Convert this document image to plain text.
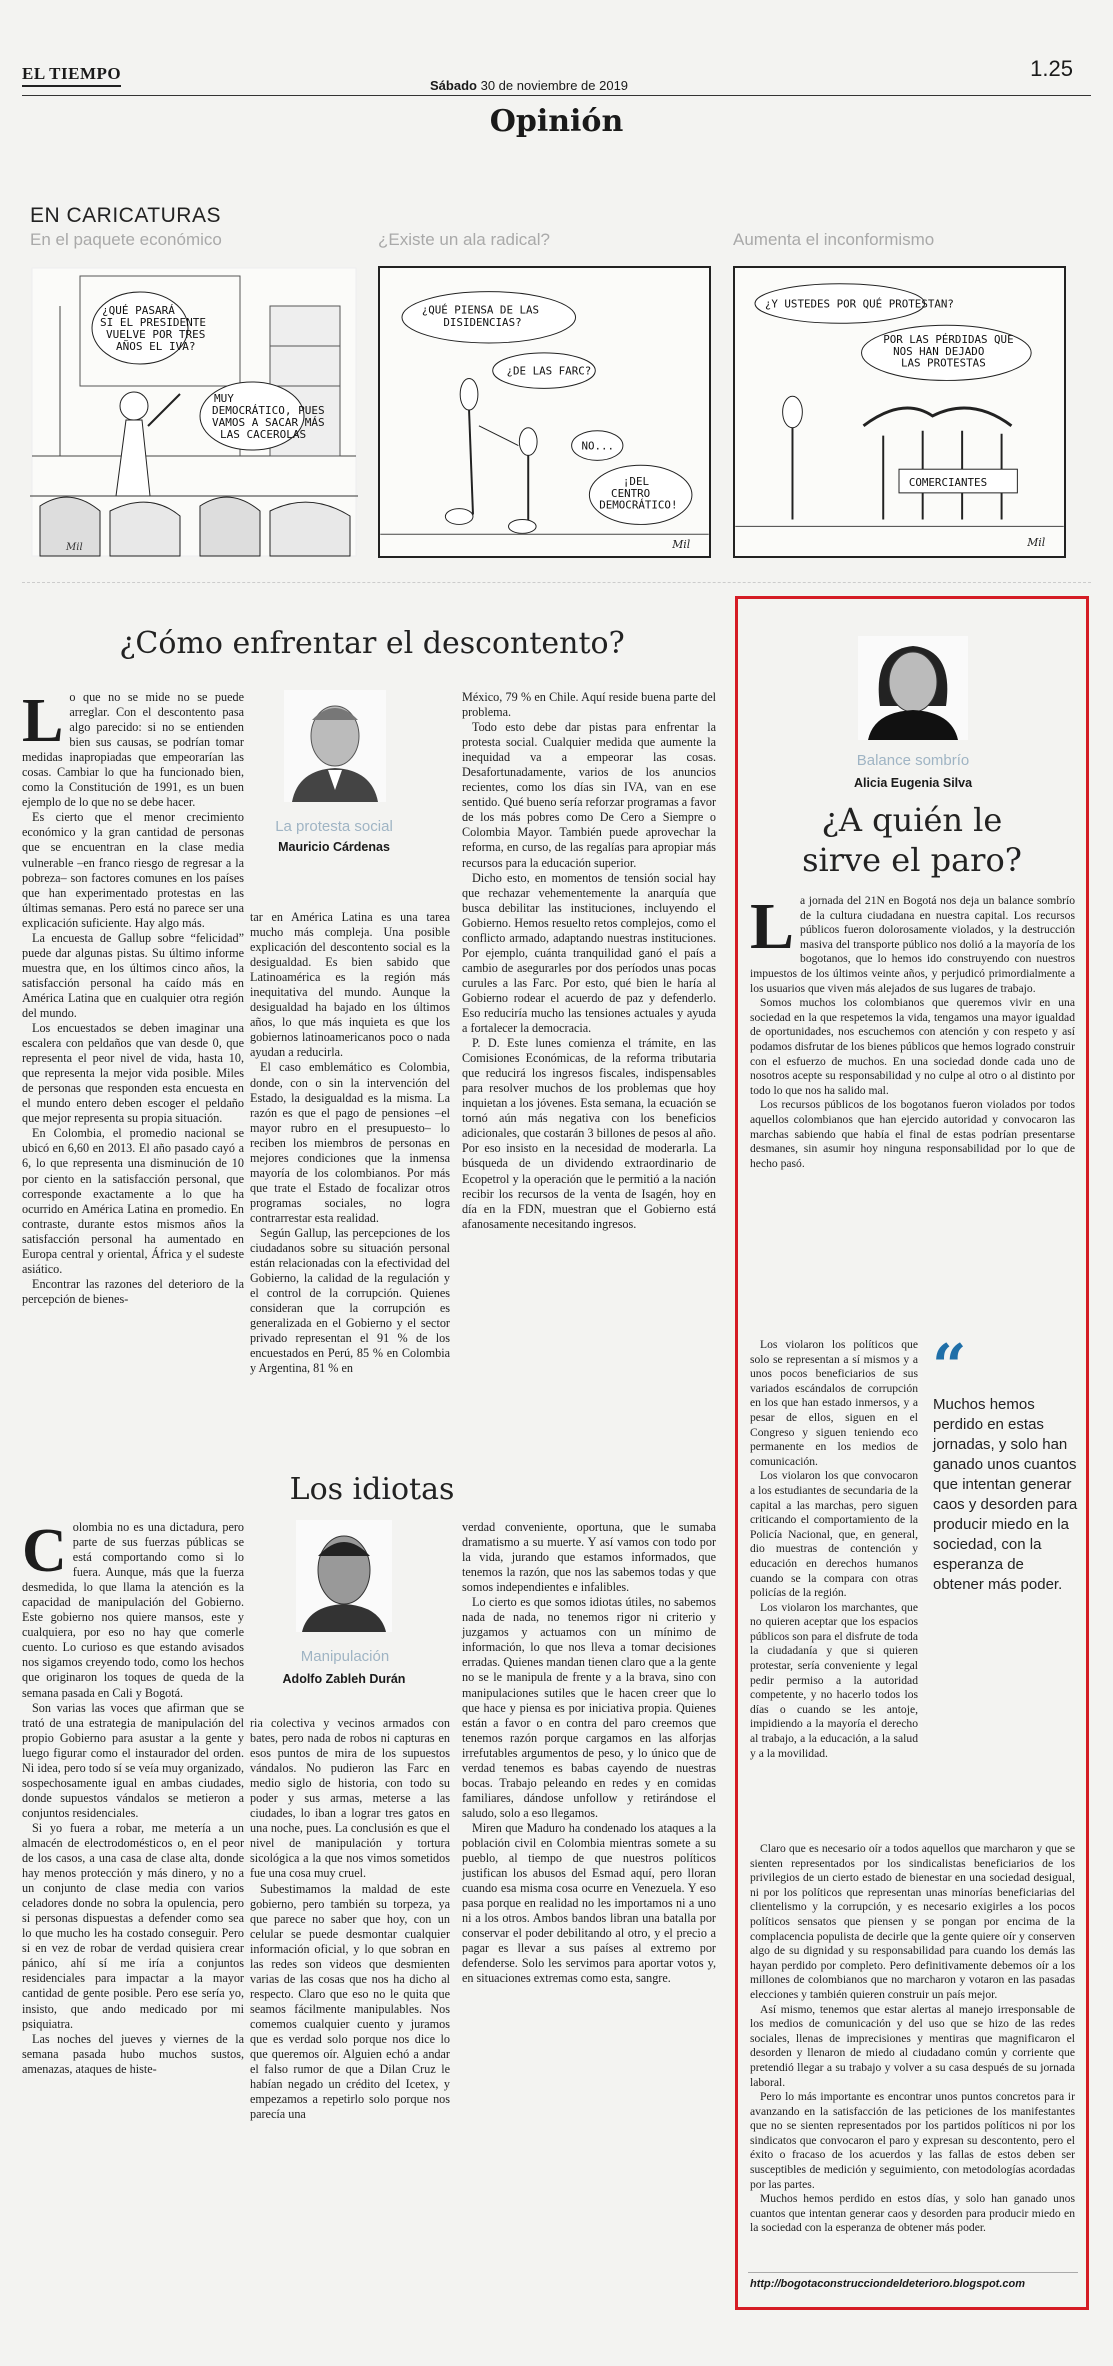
EL TIEMPO
Sábado 30 de noviembre de 2019
1.25
Opinión
EN CARICATURAS
En el paquete económico	¿Existe un ala radical?	Aumenta el inconformismo
¿QUÉ PASARÁ SI EL PRESIDENTE VUELVE POR TRES AÑOS EL IVA?
MUY DEMOCRÁTICO, PUES VAMOS A SACAR MÁS LAS CACEROLAS
Mil
¿QUÉ PIENSA DE LAS DISIDENCIAS?
¿DE LAS FARC?
NO...
¡DEL CENTRO DEMOCRÁTICO!
Mil
¿Y USTEDES POR QUÉ PROTESTAN?
POR LAS PÉRDIDAS QUE NOS HAN DEJADO LAS PROTESTAS
COMERCIANTES
Mil
¿Cómo enfrentar el descontento?
La protesta social
Mauricio Cárdenas
L o que no se mide no se puede arreglar. Con el descontento pasa algo parecido: si no se entienden bien sus causas, se podrían tomar medidas inapropiadas que empeorarían las cosas. Cambiar lo que ha funcionado bien, como la Constitución de 1991, es un buen ejemplo de lo que no se debe hacer.

Es cierto que el menor crecimiento económico y la gran cantidad de personas que se encuentran en la clase media vulnerable –en franco riesgo de regresar a la pobreza– son factores comunes en los países que han experimentado protestas en las últimas semanas. Pero está no parece ser una explicación suficiente. Hay algo más.

La encuesta de Gallup sobre “felicidad” puede dar algunas pistas. Su último informe muestra que, en los últimos cinco años, la satisfacción personal ha caído más en América Latina que en cualquier otra región del mundo.

Los encuestados se deben imaginar una escalera con peldaños que van desde 0, que representa el peor nivel de vida, hasta 10, que representa la mejor vida posible. Miles de personas que responden esta encuesta en el mundo entero deben escoger el peldaño que mejor representa su propia situación.

En Colombia, el promedio nacional se ubicó en 6,60 en 2013. El año pasado cayó a 6, lo que representa una disminución de 10 por ciento en la satisfacción personal, que corresponde exactamente a lo que ha ocurrido en América Latina en promedio. En contraste, durante estos mismos años la satisfacción personal ha aumentado en Europa central y oriental, África y el sudeste asiático.

Encontrar las razones del deterioro de la percepción de bienes-

tar en América Latina es una tarea mucho más compleja. Una posible explicación del descontento social es la desigualdad. Es bien sabido que Latinoamérica es la región más inequitativa del mundo. Aunque la desigualdad ha bajado en los últimos años, lo que más inquieta es que los gobiernos latinoamericanos poco o nada ayudan a reducirla.

El caso emblemático es Colombia, donde, con o sin la intervención del Estado, la desigualdad es la misma. La razón es que el pago de pensiones –el mayor rubro en el presupuesto– lo reciben los miembros de personas en mejores condiciones que la inmensa mayoría de los colombianos. Por más que trate el Estado de focalizar otros programas sociales, no logra contrarrestar esta realidad.

Según Gallup, las percepciones de los ciudadanos sobre su situación personal están relacionadas con la efectividad del Gobierno, la calidad de la regulación y el control de la corrupción. Quienes consideran que la corrupción es generalizada en el Gobierno y el sector privado representan el 91 % de los encuestados en Perú, 85 % en Colombia y Argentina, 81 % en

México, 79 % en Chile. Aquí reside buena parte del problema.

Todo esto debe dar pistas para enfrentar la protesta social. Cualquier medida que aumente la inequidad va a empeorar las cosas. Desafortunadamente, varios de los anuncios recientes, como los días sin IVA, van en ese sentido. Qué bueno sería reforzar programas a favor de los más pobres como De Cero a Siempre o Colombia Mayor. También puede aprovechar la reforma, en curso, de las regalías para apropiar más recursos para la educación superior.

Dicho esto, en momentos de tensión social hay que rechazar vehementemente la anarquía que busca debilitar las instituciones, incluyendo el Gobierno. Hemos resuelto retos complejos, como el conflicto armado, adaptando nuestras instituciones. Por ejemplo, cuánta tranquilidad ganó el país a cambio de asegurarles por dos períodos unas pocas curules a las Farc. Por esto, qué bien le haría al Gobierno rodear el acuerdo de paz y defenderlo. Eso reduciría mucho las tensiones actuales y ayuda a fortalecer la democracia.

P. D. Este lunes comienza el trámite, en las Comisiones Económicas, de la reforma tributaria que reducirá los ingresos fiscales, indispensables para resolver muchos de los problemas que hoy inquietan a los jóvenes. Esta semana, la ecuación se tornó aún más negativa con los beneficios adicionales, que costarán 3 billones de pesos al año. Por eso insisto en la necesidad de moderarla. La búsqueda de un dividendo extraordinario de Ecopetrol y la operación que le permitió a la nación recibir los recursos de la venta de Isagén, hoy en día en la FDN, muestran que el Gobierno está afanosamente necesitando ingresos.

Los idiotas
Manipulación
Adolfo Zableh Durán
C olombia no es una dictadura, pero parte de sus fuerzas públicas se está comportando como si lo fuera. Aunque, más que la fuerza desmedida, lo que llama la atención es la capacidad de manipulación del Gobierno. Este gobierno nos quiere mansos, este y cualquiera, por eso no hay que comerle cuento. Lo curioso es que estando avisados nos sigamos creyendo todo, como los hechos que originaron los toques de queda de la semana pasada en Cali y Bogotá.

Son varias las voces que afirman que se trató de una estrategia de manipulación del propio Gobierno para asustar a la gente y luego figurar como el instaurador del orden. Ni idea, pero todo sí se veía muy organizado, sospechosamente igual en ambas ciudades, donde supuestos vándalos se metieron a conjuntos residenciales.

Si yo fuera a robar, me metería a un almacén de electrodomésticos o, en el peor de los casos, a una casa de clase alta, donde hay menos protección y más dinero, y no a un conjunto de clase media con varios celadores donde no sobra la opulencia, pero si personas dispuestas a defender como sea lo que mucho les ha costado conseguir. Pero si en vez de robar de verdad quisiera crear pánico, ahí sí me iría a conjuntos residenciales para impactar a la mayor cantidad de gente posible. Pero ese sería yo, insisto, que ando medicado por mi psiquiatra.

Las noches del jueves y viernes de la semana pasada hubo muchos sustos, amenazas, ataques de histe-

ria colectiva y vecinos armados con bates, pero nada de robos ni capturas en esos puntos de mira de los supuestos vándalos. No pudieron las Farc en medio siglo de historia, con todo su poder y sus armas, meterse a las ciudades, lo iban a lograr tres gatos en una noche, pues. La conclusión es que el nivel de manipulación y tortura sicológica a la que nos vimos sometidos fue una cosa muy cruel.

Subestimamos la maldad de este gobierno, pero también su torpeza, ya que parece no saber que hoy, con un celular se puede desmontar cualquier información oficial, y lo que sobran en las redes son videos que desmienten varias de las cosas que nos ha dicho al respecto. Claro que eso no le quita que seamos fácilmente manipulables. Nos comemos cualquier cuento y juramos que es verdad solo porque nos dice lo que queremos oír. Alguien echó a andar el falso rumor de que a Dilan Cruz le habían negado un crédito del Icetex, y empezamos a repetirlo solo porque nos parecía una

verdad conveniente, oportuna, que le sumaba dramatismo a su muerte. Y así vamos con todo por la vida, jurando que estamos informados, que tenemos la razón, que nos las sabemos todas y que somos independientes e infalibles.

Lo cierto es que somos idiotas útiles, no sabemos nada de nada, no tenemos rigor ni criterio y juzgamos y actuamos con un mínimo de información, lo que nos lleva a tomar decisiones erradas. Quienes mandan tienen claro que a la gente no se le manipula de frente y a la brava, sino con manipulaciones sutiles que le hacen creer que lo que hace y piensa es por iniciativa propia. Quienes están a favor o en contra del paro creemos que tenemos razón porque cargamos en las alforjas irrefutables argumentos de peso, y lo único que de verdad tenemos es babas cayendo de nuestras bocas. Trabajo peleando en redes y en comidas familiares, dándose unfollow y retirándose el saludo, solo a eso llegamos.

Miren que Maduro ha condenado los ataques a la población civil en Colombia mientras somete a su pueblo, al tiempo de que nuestros políticos justifican los abusos del Esmad aquí, pero lloran cuando esa misma cosa ocurre en Venezuela. Y eso pasa porque en realidad no les importamos ni a uno ni a los otros. Ambos bandos libran una batalla por conservar el poder debilitando al otro, y el precio a pagar es llevar a sus países al extremo por defenderse. Solo les servimos para aportar votos y, en situaciones extremas como esta, sangre.

Balance sombrío
Alicia Eugenia Silva
¿A quién le
sirve el paro?
L a jornada del 21N en Bogotá nos deja un balance sombrío de la cultura ciudadana en nuestra capital. Los recursos públicos fueron dolorosamente violados, y la destrucción masiva del transporte público nos dolió a la mayoría de los bogotanos, que lo hemos ido construyendo con nuestros impuestos de los últimos veinte años, y perjudicó primordialmente a los usuarios que viven más alejados de sus lugares de trabajo.

Somos muchos los colombianos que queremos vivir en una sociedad en la que respetemos la vida, tengamos una mayor igualdad de oportunidades, nos escuchemos con atención y con respeto y así podamos disfrutar de los bienes públicos que hemos logrado construir con el esfuerzo de muchos. En una sociedad donde cada uno de nosotros acepte su responsabilidad y no culpe al otro o al distinto por todo lo que nos ha salido mal.

Los recursos públicos de los bogotanos fueron violados por todos aquellos colombianos que han ejercido autoridad y convocaron las marchas sabiendo que había el final de estas podrían presentarse desmanes, sin asumir hoy ninguna responsabilidad por lo que de hecho pasó.

Los violaron los políticos que solo se representan a sí mismos y a unos pocos beneficiarios de sus variados escándalos de corrupción en los que han estado inmersos, y a pesar de ellos, siguen en el Congreso y siguen teniendo eco permanente en los medios de comunicación.

Los violaron los que convocaron a los estudiantes de secundaria de la capital a las marchas, pero siguen criticando el comportamiento de la Policía Nacional, que, en general, dio muestras de contención y educación en derechos humanos cuando se la compara con otras policías de la región.

Los violaron los marchantes, que no quieren aceptar que los espacios públicos son para el disfrute de toda la ciudadanía y que si quieren protestar, sería conveniente y legal pedir permiso a la autoridad competente, y no hacerlo todos los días o cuando se les antoje, impidiendo a la mayoría el derecho al trabajo, a la educación, a la salud y a la movilidad.

“
Muchos hemos perdido en estas jornadas, y solo han ganado unos cuantos que intentan generar caos y desorden para producir miedo en la sociedad, con la esperanza de obtener más poder.

Claro que es necesario oír a todos aquellos que marcharon y que se sienten representados por los sindicalistas beneficiarios de los privilegios de un cierto estado de bienestar en una sociedad desigual, ni por los políticos que representan unas minorías beneficiarias del clientelismo y la corrupción, y es necesario exigirles a los pocos políticos sensatos que piensen y se pongan por encima de la complacencia populista de decirle que la gente quiere oír y conserven algo de su dignidad y su responsabilidad para cuando los demás las hayan perdido por completo. Pero definitivamente debemos oír a los millones de colombianos que no marcharon y votaron en las pasadas elecciones y también quieren construir un país mejor.

Así mismo, tenemos que estar alertas al manejo irresponsable de los medios de comunicación y del uso que se hizo de las redes sociales, llenas de imprecisiones y mentiras que magnificaron el desorden y llenaron de miedo al ciudadano común y corriente que pretendió llegar a su trabajo y volver a su casa después de su jornada laboral.

Pero lo más importante es encontrar unos puntos concretos para ir avanzando en la satisfacción de las peticiones de los manifestantes que no se sienten representados por los partidos políticos ni por los sindicatos que convocaron el paro y expresan su descontento, pero el éxito o fracaso de los acuerdos y las fallas de estos deben ser susceptibles de medición y seguimiento, con metodologías acordadas por las partes.

Muchos hemos perdido en estos días, y solo han ganado unos cuantos que intentan generar caos y desorden para producir miedo en la sociedad con la esperanza de obtener más poder.

http://bogotaconstrucciondeldeterioro.blogspot.com
